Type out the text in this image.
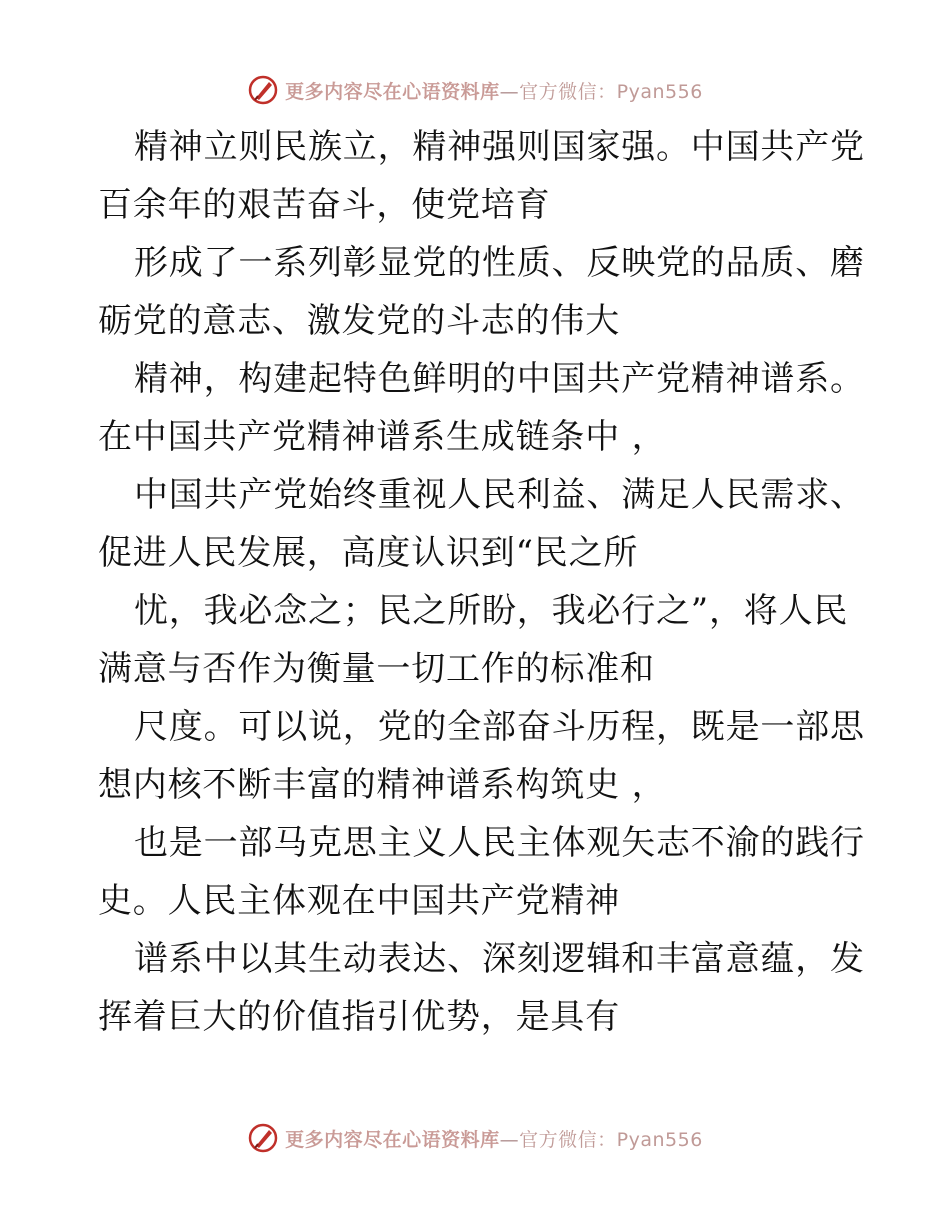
更多内容尽在心语资料库—官方微信：Pyan556
精神立则民族立，精神强则国家强。中国共产党
百余年的艰苦奋斗，使党培育
形成了一系列彰显党的性质、反映党的品质、磨
砺党的意志、激发党的斗志的伟大
精神，构建起特色鲜明的中国共产党精神谱系。
在中国共产党精神谱系生成链条中 ，
中国共产党始终重视人民利益、满足人民需求、
促进人民发展，高度认识到“民之所
忧，我必念之；民之所盼，我必行之”，将人民
满意与否作为衡量一切工作的标准和
尺度。可以说，党的全部奋斗历程，既是一部思
想内核不断丰富的精神谱系构筑史 ，
也是一部马克思主义人民主体观矢志不渝的践行
史。人民主体观在中国共产党精神
谱系中以其生动表达、深刻逻辑和丰富意蕴，发
挥着巨大的价值指引优势，是具有
更多内容尽在心语资料库—官方微信：Pyan556
